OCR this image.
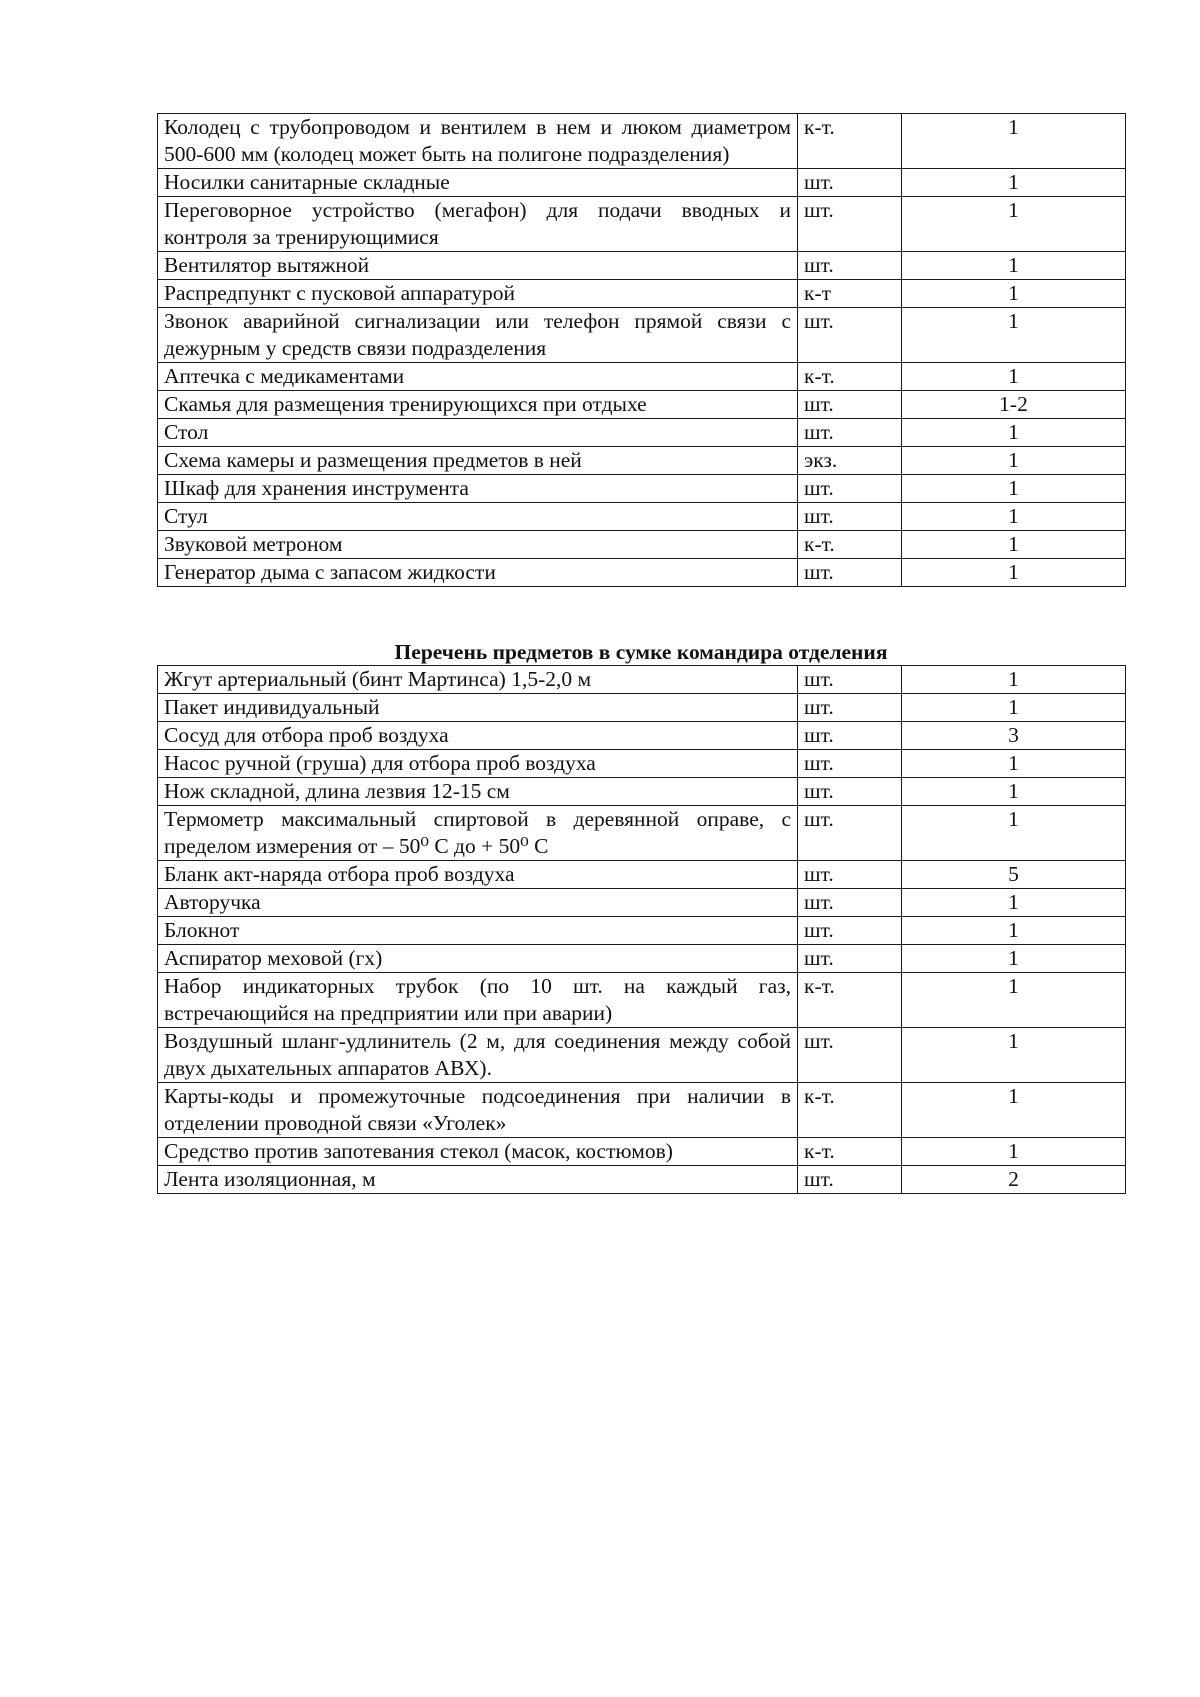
Колодец с трубопроводом и вентилем в нем и люком диаметром 500-600 мм (колодец может быть на полигоне подразделения)	к-т.	1
Носилки санитарные складные	шт.	1
Переговорное устройство (мегафон) для подачи вводных и контроля за тренирующимися	шт.	1
Вентилятор вытяжной	шт.	1
Распредпункт с пусковой аппаратурой	к-т	1
Звонок аварийной сигнализации или телефон прямой связи с дежурным у средств связи подразделения	шт.	1
Аптечка с медикаментами	к-т.	1
Скамья для размещения тренирующихся при отдыхе	шт.	1-2
Стол	шт.	1
Схема камеры и размещения предметов в ней	экз.	1
Шкаф для хранения инструмента	шт.	1
Стул	шт.	1
Звуковой метроном	к-т.	1
Генератор дыма с запасом жидкости	шт.	1
Перечень предметов в сумке командира отделения
Жгут артериальный (бинт Мартинса) 1,5-2,0 м	шт.	1
Пакет индивидуальный	шт.	1
Сосуд для отбора проб воздуха	шт.	3
Насос ручной (груша) для отбора проб воздуха	шт.	1
Нож складной, длина лезвия 12-15 см	шт.	1
Термометр максимальный спиртовой в деревянной оправе, с пределом измерения от – 50⁰ С до + 50⁰ С	шт.	1
Бланк акт-наряда отбора проб воздуха	шт.	5
Авторучка	шт.	1
Блокнот	шт.	1
Аспиратор меховой (гх)	шт.	1
Набор индикаторных трубок (по 10 шт. на каждый газ, встречающийся на предприятии или при аварии)	к-т.	1
Воздушный шланг-удлинитель (2 м, для соединения между собой двух дыхательных аппаратов АВХ).	шт.	1
Карты-коды и промежуточные подсоединения при наличии в отделении проводной связи «Уголек»	к-т.	1
Средство против запотевания стекол (масок, костюмов)	к-т.	1
Лента изоляционная, м	шт.	2
